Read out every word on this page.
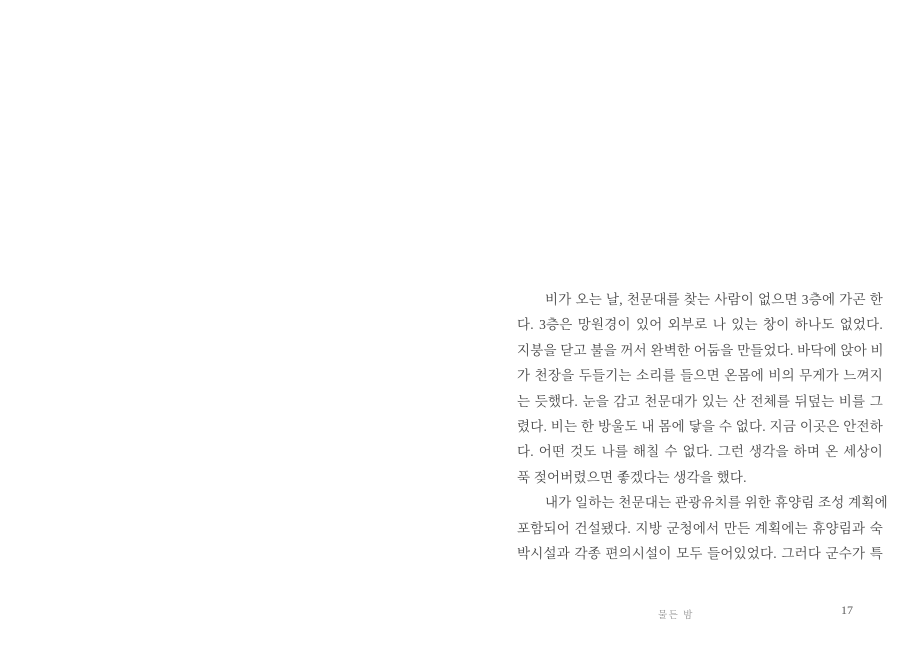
비가 오는 날, 천문대를 찾는 사람이 없으면 3층에 가곤 한
다. 3층은 망원경이 있어 외부로 나 있는 창이 하나도 없었다.
지붕을 닫고 불을 꺼서 완벽한 어둠을 만들었다. 바닥에 앉아 비
가 천장을 두들기는 소리를 들으면 온몸에 비의 무게가 느껴지
는 듯했다. 눈을 감고 천문대가 있는 산 전체를 뒤덮는 비를 그
렸다. 비는 한 방울도 내 몸에 닿을 수 없다. 지금 이곳은 안전하
다. 어떤 것도 나를 해칠 수 없다. 그런 생각을 하며 온 세상이
푹 젖어버렸으면 좋겠다는 생각을 했다.
내가 일하는 천문대는 관광유치를 위한 휴양림 조성 계획에
포함되어 건설됐다. 지방 군청에서 만든 계획에는 휴양림과 숙
박시설과 각종 편의시설이 모두 들어있었다. 그러다 군수가 특
물든 밤	17
